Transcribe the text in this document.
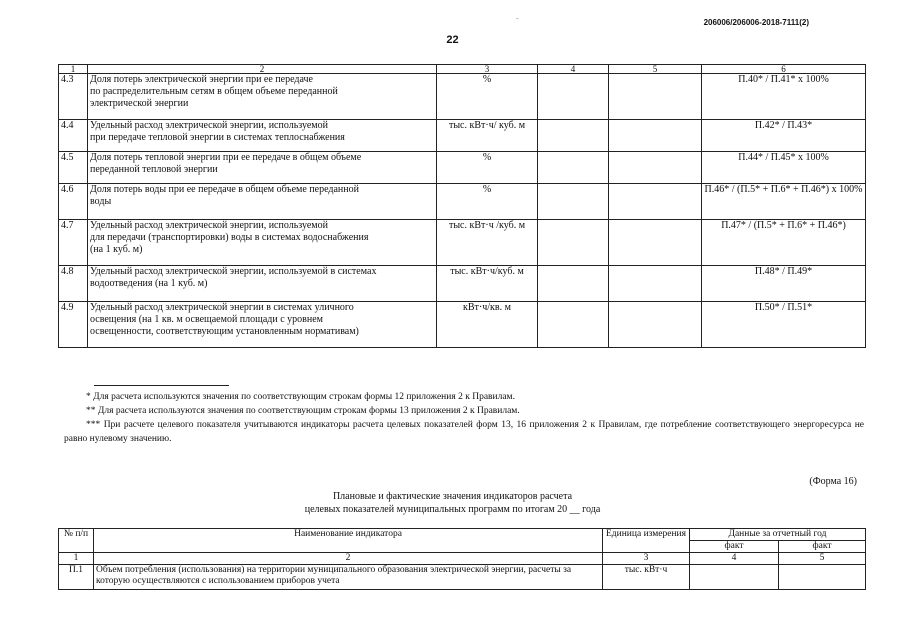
-	206006/206006-2018-7111(2)
22
1	2	3	4	5	6
4.3	Доля потерь электрической энергии при ее передаче
по распределительным сетям в общем объеме переданной
электрической энергии	%			П.40* / П.41* х 100%
4.4	Удельный расход электрической энергии, используемой
при передаче тепловой энергии в системах теплоснабжения	тыс. кВт·ч/ куб. м			П.42* / П.43*
4.5	Доля потерь тепловой энергии при ее передаче в общем объеме
переданной тепловой энергии	%			П.44* / П.45* х 100%
4.6	Доля потерь воды при ее передаче в общем объеме переданной
воды	%			П.46* / (П.5* + П.6* + П.46*) х 100%
4.7	Удельный расход электрической энергии, используемой
для передачи (транспортировки) воды в системах водоснабжения
(на 1 куб. м)	тыс. кВт·ч /куб. м			П.47* / (П.5* + П.6* + П.46*)
4.8	Удельный расход электрической энергии, используемой в системах
водоотведения (на 1 куб. м)	тыс. кВт·ч/куб. м			П.48* / П.49*
4.9	Удельный расход электрической энергии в системах уличного
освещения (на 1 кв. м освещаемой площади с уровнем
освещенности, соответствующим установленным нормативам)	кВт·ч/кв. м			П.50* / П.51*
* Для расчета используются значения по соответствующим строкам формы 12 приложения 2 к Правилам.
** Для расчета используются значения по соответствующим строкам формы 13 приложения 2 к Правилам.
*** При расчете целевого показателя учитываются индикаторы расчета целевых показателей форм 13, 16 приложения 2 к Правилам, где потребление соответствующего энергоресурса не равно нулевому значению.
(Форма 16)
Плановые и фактические значения индикаторов расчета
целевых показателей муниципальных программ по итогам 20 __ года
№ п/п	Наименование индикатора	Единица измерения	Данные за отчетный год	
			факт	факт
1	2	3	4	5
П.1	Объем потребления (использования) на территории муниципального образования электрической энергии, расчеты за которую осуществляются с использованием приборов учета	тыс. кВт·ч		
